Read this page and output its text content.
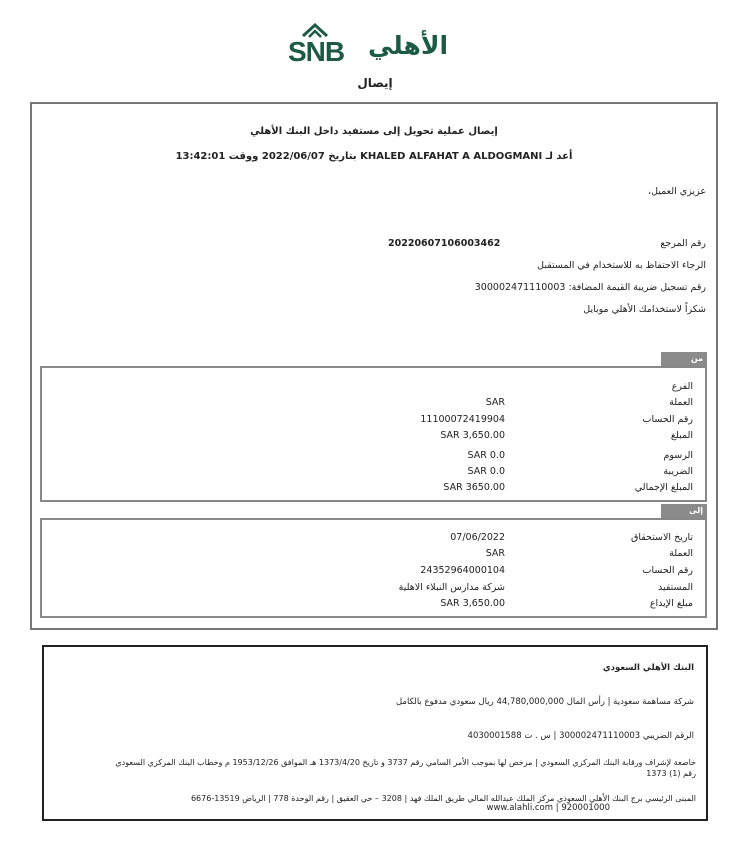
SNB الأهلي
إيصال
إيصال عملية تحويل إلى مستفيد داخل البنك الأهلي
أعد لـ KHALED ALFAHAT A ALDOGMANI بتاريخ 2022/06/07 ووقت 13:42:01
عزيزي العميل،
رقم المرجع
20220607106003462
الرجاء الاحتفاظ به للاستخدام في المستقبل
رقم تسجيل ضريبة القيمة المضافة: 300002471110003
شكراً لاستخدامك الأهلي موبايل
من
الفرع
العملة
SAR
رقم الحساب
11100072419904
المبلغ
3,650.00 SAR
الرسوم
0.0 SAR
الضريبة
0.0 SAR
المبلغ الإجمالي
3650.00 SAR
إلى
تاريخ الاستحقاق
07/06/2022
العملة
SAR
رقم الحساب
24352964000104
المستفيد
شركة مدارس النبلاء الاهلية
مبلغ الإيداع
3,650.00 SAR
البنك الأهلي السعودي
شركة مساهمة سعودية | رأس المال 44,780,000,000 ريال سعودي مدفوع بالكامل
الرقم الضريبي 300002471110003 | س . ت 4030001588
خاضعة لإشراف ورقابة البنك المركزي السعودي | مرخص لها بموجب الأمر السامي رقم 3737 و تاريخ 1373/4/20 هـ الموافق 1953/12/26 م وخطاب البنك المركزي السعودي
رقم (1) 1373
المبنى الرئيسي برج البنك الأهلي السعودي مركز الملك عبدالله المالي طريق الملك فهد | 3208 – حي العقيق | رقم الوحدة 778 | الرياض 13519-6676
920001000 | www.alahli.com
